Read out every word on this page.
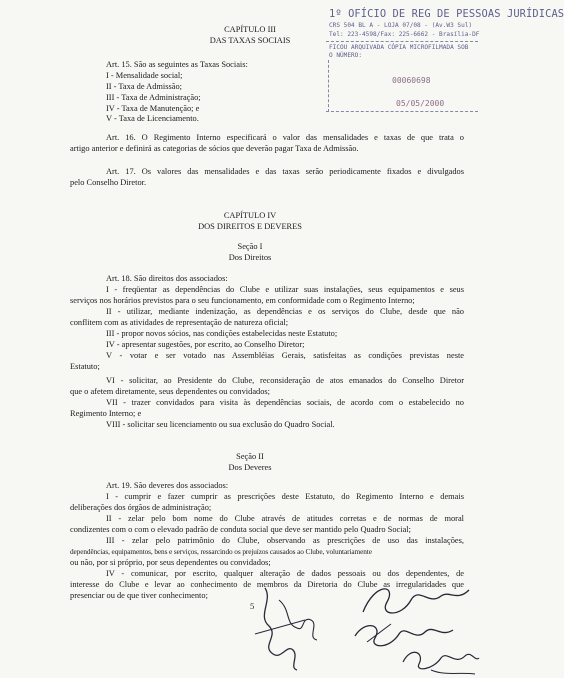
1º OFÍCIO DE REG DE PESSOAS JURÍDICAS
CRS 504 BL A - LOJA 07/08 - (Av.W3 Sul)
Tel: 223-4598/Fax: 225-6662 - Brasília-DF
FICOU ARQUIVADA CÓPIA MICROFILMADA SOB
O NÚMERO:
00060698
05/05/2000
CAPÍTULO III
DAS TAXAS SOCIAIS
Art. 15. São as seguintes as Taxas Sociais:
I - Mensalidade social;
II - Taxa de Admissão;
III - Taxa de Administração;
IV - Taxa de Manutenção; e
V - Taxa de Licenciamento.
Art. 16. O Regimento Interno especificará o valor das mensalidades e taxas de que trata o
artigo anterior e definirá as categorias de sócios que deverão pagar Taxa de Admissão.
Art. 17. Os valores das mensalidades e das taxas serão periodicamente fixados e divulgados
pelo Conselho Diretor.
CAPÍTULO IV
DOS DIREITOS E DEVERES
Seção I
Dos Direitos
Art. 18. São direitos dos associados:
I - freqüentar as dependências do Clube e utilizar suas instalações, seus equipamentos e seus
serviços nos horários previstos para o seu funcionamento, em conformidade com o Regimento Interno;
II - utilizar, mediante indenização, as dependências e os serviços do Clube, desde que não
conflitem com as atividades de representação de natureza oficial;
III - propor novos sócios, nas condições estabelecidas neste Estatuto;
IV - apresentar sugestões, por escrito, ao Conselho Diretor;
V - votar e ser votado nas Assembléias Gerais, satisfeitas as condições previstas neste
Estatuto;
VI - solicitar, ao Presidente do Clube, reconsideração de atos emanados do Conselho Diretor
que o afetem diretamente, seus dependentes ou convidados;
VII - trazer convidados para visita às dependências sociais, de acordo com o estabelecido no
Regimento Interno; e
VIII - solicitar seu licenciamento ou sua exclusão do Quadro Social.
Seção II
Dos Deveres
Art. 19. São deveres dos associados:
I - cumprir e fazer cumprir as prescrições deste Estatuto, do Regimento Interno e demais
deliberações dos órgãos de administração;
II - zelar pelo bom nome do Clube através de atitudes corretas e de normas de moral
condizentes com o com o elevado padrão de conduta social que deve ser mantido pelo Quadro Social;
III - zelar pelo patrimônio do Clube, observando as prescrições de uso das instalações,
dependências, equipamentos, bens e serviços, ressarcindo os prejuízos causados ao Clube, voluntariamente
ou não, por si próprio, por seus dependentes ou convidados;
IV - comunicar, por escrito, qualquer alteração de dados pessoais ou dos dependentes, de
interesse do Clube e levar ao conhecimento de membros da Diretoria do Clube as irregularidades que
presenciar ou de que tiver conhecimento;
5
